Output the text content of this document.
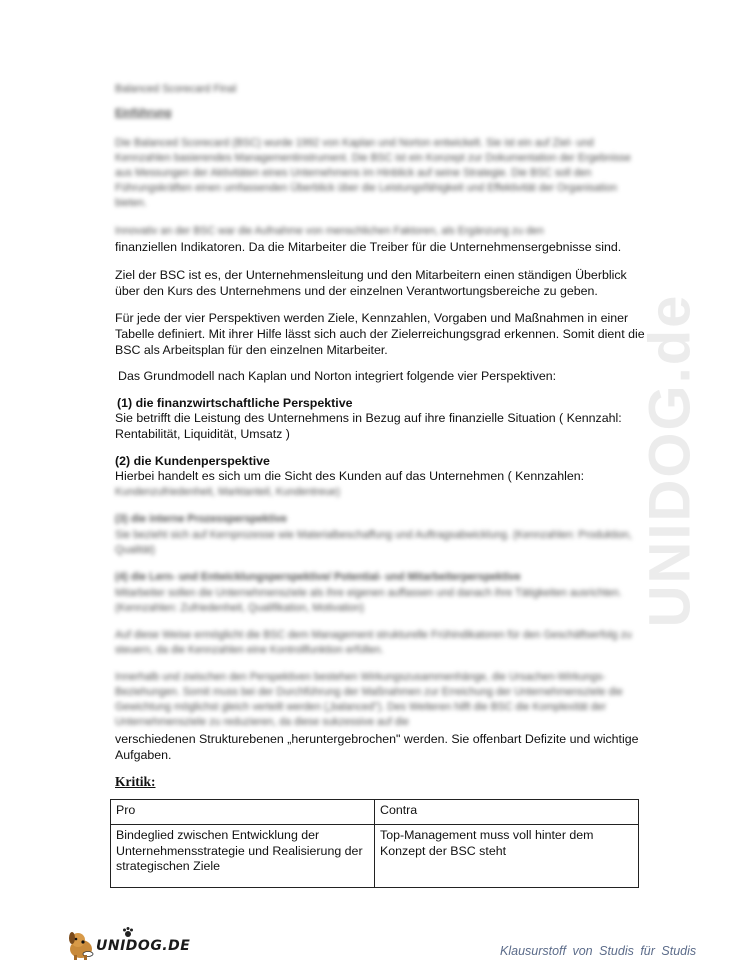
UNIDOG.de

Balanced Scorecard Final

Einführung

Die Balanced Scorecard (BSC) wurde 1992 von Kaplan und Norton entwickelt. Sie ist ein auf Ziel- und Kennzahlen basierendes Managementinstrument. Die BSC ist ein Konzept zur Dokumentation der Ergebnisse aus Messungen der Aktivitäten eines Unternehmens im Hinblick auf seine Strategie. Die BSC soll den Führungskräften einen umfassenden Überblick über die Leistungsfähigkeit und Effektivität der Organisation bieten.

Innovativ an der BSC war die Aufnahme von menschlichen Faktoren, als Ergänzung zu den

finanziellen Indikatoren. Da die Mitarbeiter die Treiber für die Unternehmensergebnisse sind.

Ziel der BSC ist es, der Unternehmensleitung und den Mitarbeitern einen ständigen Überblick über den Kurs des Unternehmens und der einzelnen Verantwortungsbereiche zu geben.

Für jede der vier Perspektiven werden Ziele, Kennzahlen, Vorgaben und Maßnahmen in einer Tabelle definiert. Mit ihrer Hilfe lässt sich auch der Zielerreichungsgrad erkennen. Somit dient die BSC als Arbeitsplan für den einzelnen Mitarbeiter.

Das Grundmodell nach Kaplan und Norton integriert folgende vier Perspektiven:

(1) die finanzwirtschaftliche Perspektive

Sie betrifft die Leistung des Unternehmens in Bezug auf ihre finanzielle Situation ( Kennzahl: Rentabilität, Liquidität, Umsatz )

(2) die Kundenperspektive

Hierbei handelt es sich um die Sicht des Kunden auf das Unternehmen ( Kennzahlen:

Kundenzufriedenheit, Marktanteil, Kundentreue)

(3) die interne Prozessperspektive

Sie bezieht sich auf Kernprozesse wie Materialbeschaffung und Auftragsabwicklung. (Kennzahlen: Produktion, Qualität)

(4) die Lern- und Entwicklungsperspektive/ Potential- und Mitarbeiterperspektive

Mitarbeiter sollen die Unternehmensziele als ihre eigenen auffassen und danach ihre Tätigkeiten ausrichten. (Kennzahlen: Zufriedenheit, Qualifikation, Motivation)

Auf diese Weise ermöglicht die BSC dem Management strukturelle Frühindikatoren für den Geschäftserfolg zu steuern, da die Kennzahlen eine Kontrollfunktion erfüllen.

Innerhalb und zwischen den Perspektiven bestehen Wirkungszusammenhänge, die Ursachen-Wirkungs- Beziehungen. Somit muss bei der Durchführung der Maßnahmen zur Erreichung der Unternehmensziele die Gewichtung möglichst gleich verteilt werden („balanced"). Des Weiteren hilft die BSC die Komplexität der Unternehmensziele zu reduzieren, da diese sukzessive auf die

verschiedenen Strukturebenen „heruntergebrochen" werden. Sie offenbart Defizite und wichtige Aufgaben.

Kritik:
Pro	Contra
Bindeglied zwischen Entwicklung der Unternehmensstrategie und Realisierung der strategischen Ziele	Top-Management muss voll hinter dem Konzept der BSC steht
UNIDOG.DE	Klausurstoff von Studis für Studis
